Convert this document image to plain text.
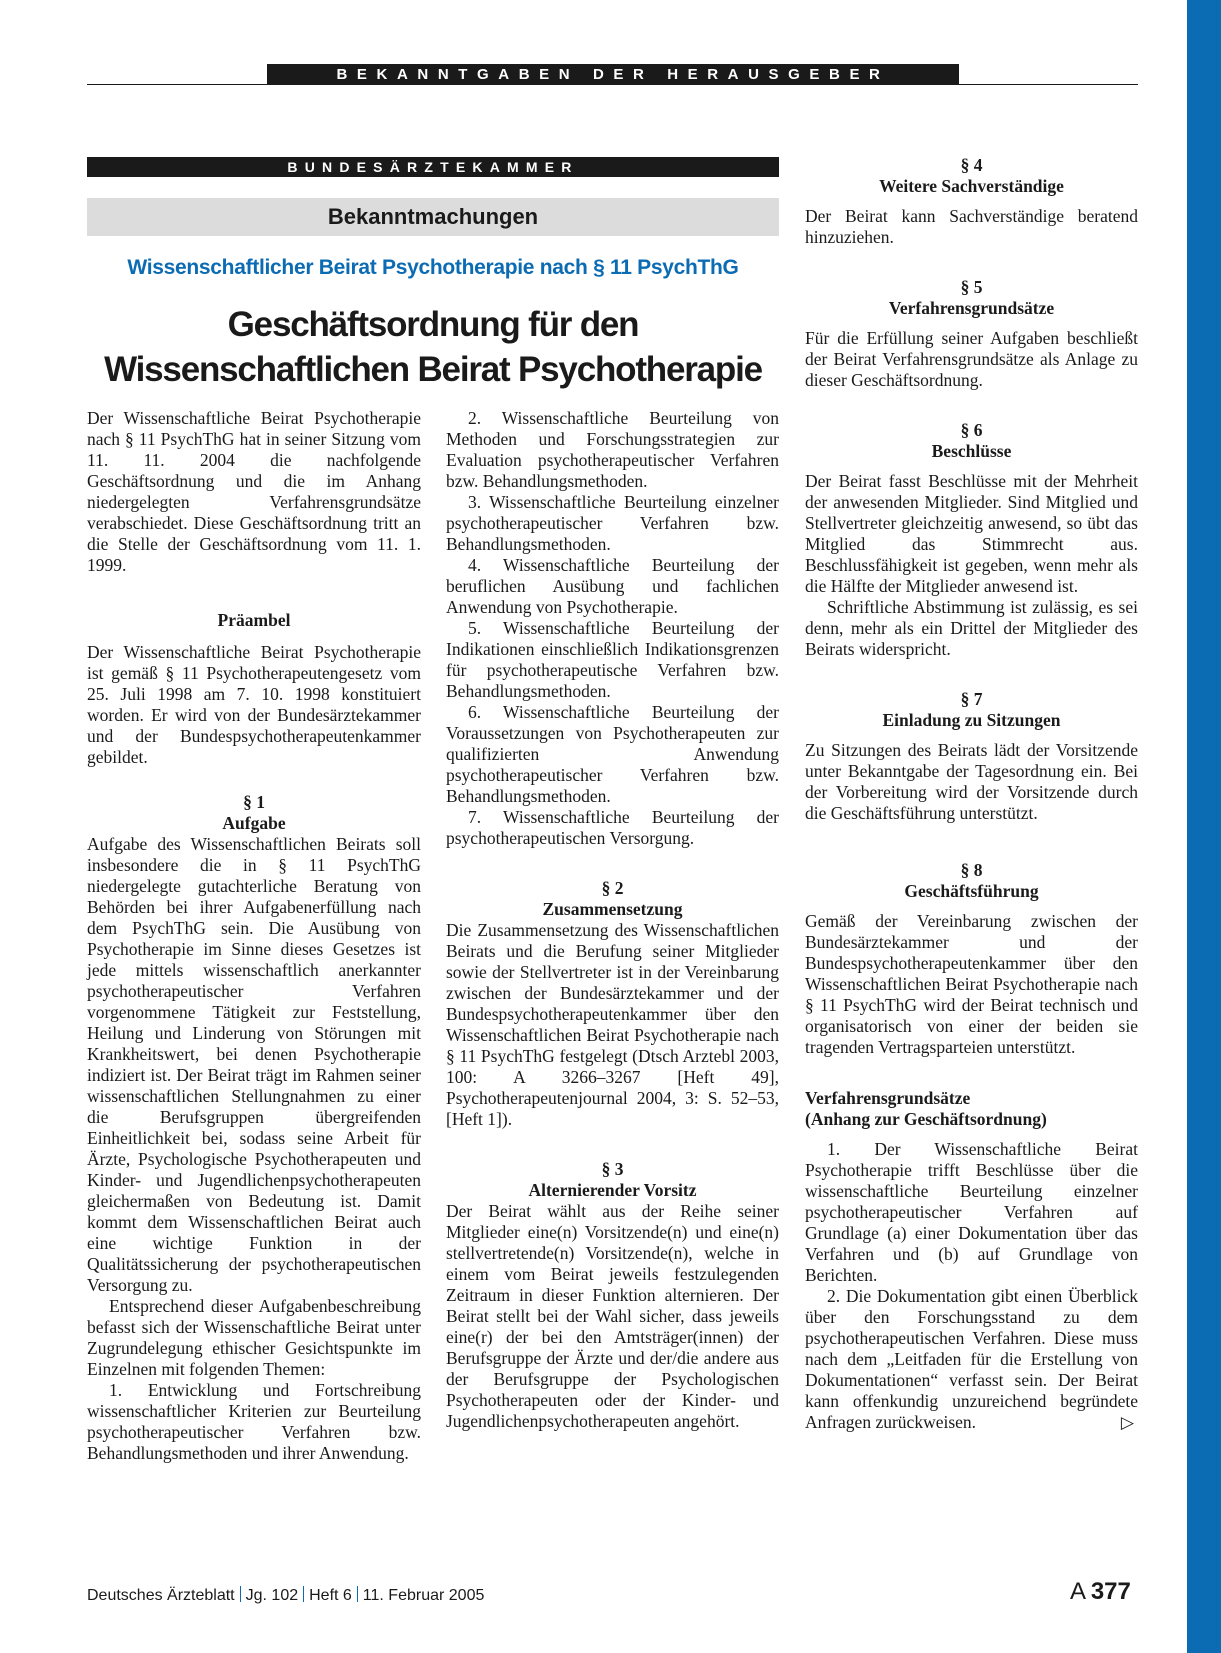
BEKANNTGABEN DER HERAUSGEBER
BUNDESÄRZTEKAMMER
Bekanntmachungen
Wissenschaftlicher Beirat Psychotherapie nach § 11 PsychThG
Geschäftsordnung für den
Wissenschaftlichen Beirat Psychotherapie

Der Wissenschaftliche Beirat Psychotherapie nach § 11 PsychThG hat in seiner Sitzung vom 11. 11. 2004 die nachfolgende Geschäftsordnung und die im Anhang niedergelegten Verfahrensgrundsätze verabschiedet. Diese Geschäftsordnung tritt an die Stelle der Geschäftsordnung vom 11. 1. 1999.

Präambel

Der Wissenschaftliche Beirat Psychotherapie ist gemäß § 11 Psychotherapeutengesetz vom 25. Juli 1998 am 7. 10. 1998 konstituiert worden. Er wird von der Bundesärztekammer und der Bundespsychotherapeutenkammer gebildet.

§ 1

Aufgabe

Aufgabe des Wissenschaftlichen Beirats soll insbesondere die in § 11 PsychThG niedergelegte gutachterliche Beratung von Behörden bei ihrer Aufgabenerfüllung nach dem PsychThG sein. Die Ausübung von Psychotherapie im Sinne dieses Gesetzes ist jede mittels wissenschaftlich anerkannter psychotherapeutischer Verfahren vorgenommene Tätigkeit zur Feststellung, Heilung und Linderung von Störungen mit Krankheitswert, bei denen Psychotherapie indiziert ist. Der Beirat trägt im Rahmen seiner wissenschaftlichen Stellungnahmen zu einer die Berufsgruppen übergreifenden Einheitlichkeit bei, sodass seine Arbeit für Ärzte, Psychologische Psychotherapeuten und Kinder- und Jugendlichenpsychotherapeuten gleichermaßen von Bedeutung ist. Damit kommt dem Wissenschaftlichen Beirat auch eine wichtige Funktion in der Qualitätssicherung der psychotherapeutischen Versorgung zu.

Entsprechend dieser Aufgabenbeschreibung befasst sich der Wissenschaftliche Beirat unter Zugrundelegung ethischer Gesichtspunkte im Einzelnen mit folgenden Themen:

1. Entwicklung und Fortschreibung wissenschaftlicher Kriterien zur Beurteilung psychotherapeutischer Verfahren bzw. Behandlungsmethoden und ihrer Anwendung.

2. Wissenschaftliche Beurteilung von Methoden und Forschungsstrategien zur Evaluation psychotherapeutischer Verfahren bzw. Behandlungsmethoden.

3. Wissenschaftliche Beurteilung einzelner psychotherapeutischer Verfahren bzw. Behandlungsmethoden.

4. Wissenschaftliche Beurteilung der beruflichen Ausübung und fachlichen Anwendung von Psychotherapie.

5. Wissenschaftliche Beurteilung der Indikationen einschließlich Indikationsgrenzen für psychotherapeutische Verfahren bzw. Behandlungsmethoden.

6. Wissenschaftliche Beurteilung der Voraussetzungen von Psychotherapeuten zur qualifizierten Anwendung psychotherapeutischer Verfahren bzw. Behandlungsmethoden.

7. Wissenschaftliche Beurteilung der psychotherapeutischen Versorgung.

§ 2

Zusammensetzung

Die Zusammensetzung des Wissenschaftlichen Beirats und die Berufung seiner Mitglieder sowie der Stellvertreter ist in der Vereinbarung zwischen der Bundesärztekammer und der Bundespsychotherapeutenkammer über den Wissenschaftlichen Beirat Psychotherapie nach § 11 PsychThG festgelegt (Dtsch Arztebl 2003, 100: A 3266–3267 [Heft 49], Psychotherapeutenjournal 2004, 3: S. 52–53, [Heft 1]).

§ 3

Alternierender Vorsitz

Der Beirat wählt aus der Reihe seiner Mitglieder eine(n) Vorsitzende(n) und eine(n) stellvertretende(n) Vorsitzende(n), welche in einem vom Beirat jeweils festzulegenden Zeitraum in dieser Funktion alternieren. Der Beirat stellt bei der Wahl sicher, dass jeweils eine(r) der bei den Amtsträger(innen) der Berufsgruppe der Ärzte und der/die andere aus der Berufsgruppe der Psychologischen Psychotherapeuten oder der Kinder- und Jugendlichenpsychotherapeuten angehört.

§ 4

Weitere Sachverständige

Der Beirat kann Sachverständige beratend hinzuziehen.

§ 5

Verfahrensgrundsätze

Für die Erfüllung seiner Aufgaben beschließt der Beirat Verfahrensgrundsätze als Anlage zu dieser Geschäftsordnung.

§ 6

Beschlüsse

Der Beirat fasst Beschlüsse mit der Mehrheit der anwesenden Mitglieder. Sind Mitglied und Stellvertreter gleichzeitig anwesend, so übt das Mitglied das Stimmrecht aus. Beschlussfähigkeit ist gegeben, wenn mehr als die Hälfte der Mitglieder anwesend ist.

Schriftliche Abstimmung ist zulässig, es sei denn, mehr als ein Drittel der Mitglieder des Beirats widerspricht.

§ 7

Einladung zu Sitzungen

Zu Sitzungen des Beirats lädt der Vorsitzende unter Bekanntgabe der Tagesordnung ein. Bei der Vorbereitung wird der Vorsitzende durch die Geschäftsführung unterstützt.

§ 8

Geschäftsführung

Gemäß der Vereinbarung zwischen der Bundesärztekammer und der Bundespsychotherapeutenkammer über den Wissenschaftlichen Beirat Psychotherapie nach § 11 PsychThG wird der Beirat technisch und organisatorisch von einer der beiden sie tragenden Vertragsparteien unterstützt.

Verfahrensgrundsätze

(Anhang zur Geschäftsordnung)

1. Der Wissenschaftliche Beirat Psychotherapie trifft Beschlüsse über die wissenschaftliche Beurteilung einzelner psychotherapeutischer Verfahren auf Grundlage (a) einer Dokumentation über das Verfahren und (b) auf Grundlage von Berichten.

2. Die Dokumentation gibt einen Überblick über den Forschungsstand zu dem psychotherapeutischen Verfahren. Diese muss nach dem „Leitfaden für die Erstellung von Dokumentationen“ verfasst sein. Der Beirat kann offenkundig unzureichend begründete Anfragen zurückweisen.	▷

Deutsches Ärzteblatt Jg. 102 Heft 6 11. Februar 2005	A  377
